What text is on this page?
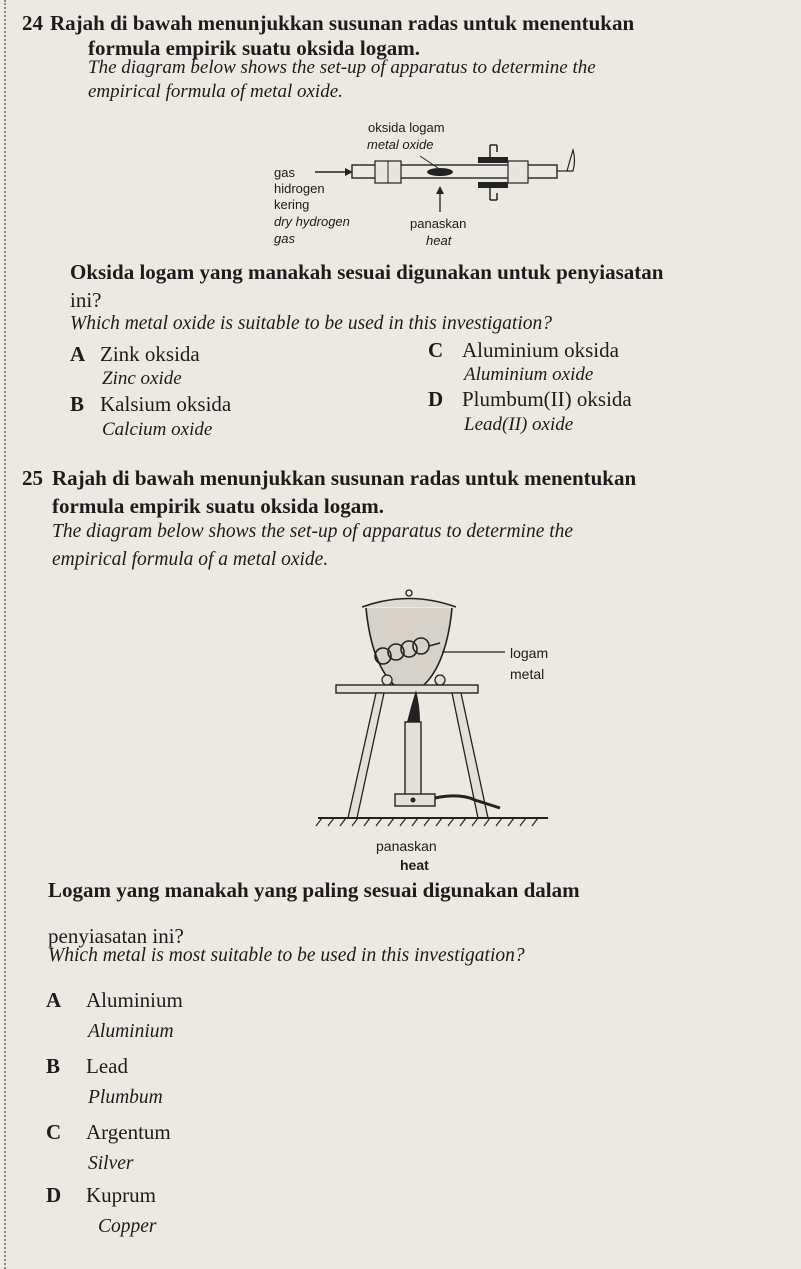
24 Rajah di bawah menunjukkan susunan radas untuk menentukan
formula empirik suatu oksida logam.
The diagram below shows the set-up of apparatus to determine the
empirical formula of metal oxide.
oksida logam
metal oxide
gas
hidrogen
kering
dry hydrogen
gas
panaskan
heat
Oksida logam yang manakah sesuai digunakan untuk penyiasatan
ini?
Which metal oxide is suitable to be used in this investigation?
A Zink oksida
Zinc oxide
B Kalsium oksida
Calcium oxide
C Aluminium oksida
Aluminium oxide
D Plumbum(II) oksida
Lead(II) oxide
25 Rajah di bawah menunjukkan susunan radas untuk menentukan
formula empirik suatu oksida logam.
The diagram below shows the set-up of apparatus to determine the
empirical formula of a metal oxide.
logam
metal
panaskan
heat
Logam yang manakah yang paling sesuai digunakan dalam
penyiasatan ini?
Which metal is most suitable to be used in this investigation?
A Aluminium
Aluminium
B Lead
Plumbum
C Argentum
Silver
D Kuprum
Copper
